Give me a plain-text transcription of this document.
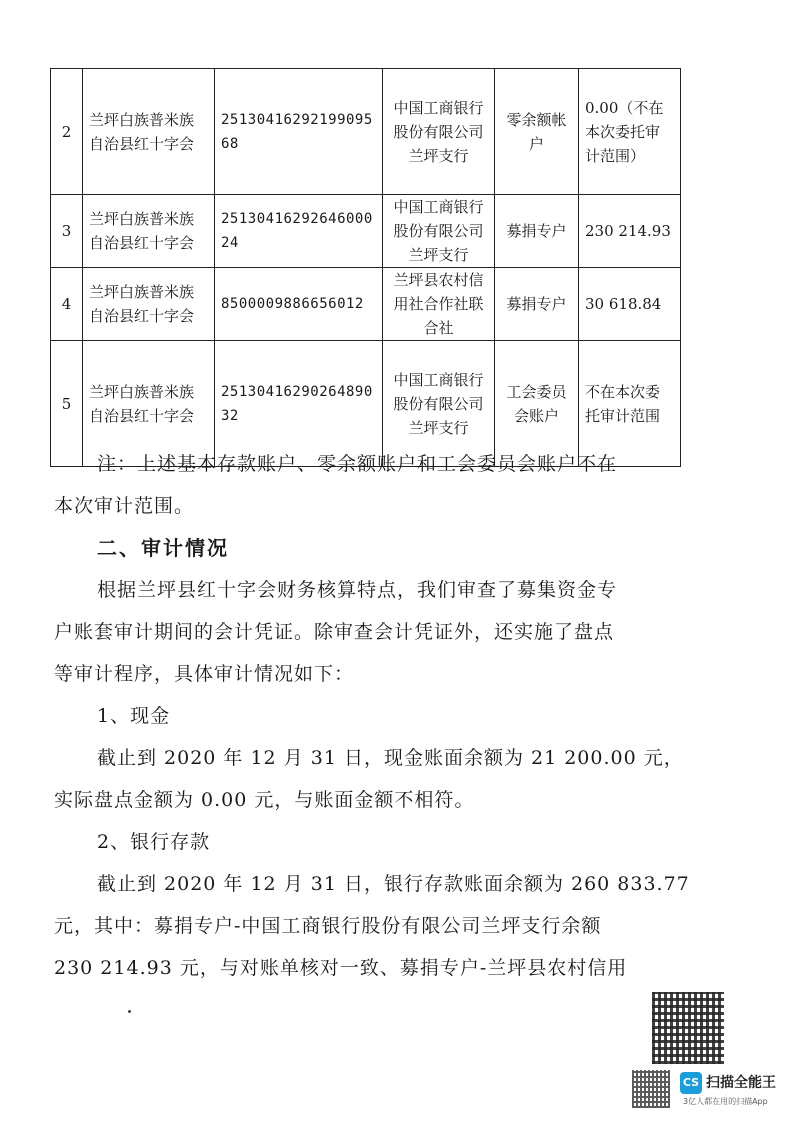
2	兰坪白族普米族自治县红十字会	2513041629219909568	中国工商银行股份有限公司兰坪支行	零余额帐户	0.00（不在本次委托审计范围）
3	兰坪白族普米族自治县红十字会	2513041629264600024	中国工商银行股份有限公司兰坪支行	募捐专户	230 214.93
4	兰坪白族普米族自治县红十字会	8500009886656012	兰坪县农村信用社合作社联合社	募捐专户	30 618.84
5	兰坪白族普米族自治县红十字会	2513041629026489032	中国工商银行股份有限公司兰坪支行	工会委员会账户	不在本次委托审计范围
注：上述基本存款账户、零余额账户和工会委员会账户不在
本次审计范围。
二、审计情况
根据兰坪县红十字会财务核算特点，我们审查了募集资金专
户账套审计期间的会计凭证。除审查会计凭证外，还实施了盘点
等审计程序，具体审计情况如下：
1、现金
截止到 2020 年 12 月 31 日，现金账面余额为 21 200.00 元，
实际盘点金额为 0.00 元，与账面金额不相符。
2、银行存款
截止到 2020 年 12 月 31 日，银行存款账面余额为 260 833.77
元，其中：募捐专户-中国工商银行股份有限公司兰坪支行余额
230 214.93 元，与对账单核对一致、募捐专户-兰坪县农村信用
CS 扫描全能王
3亿人都在用的扫描App
